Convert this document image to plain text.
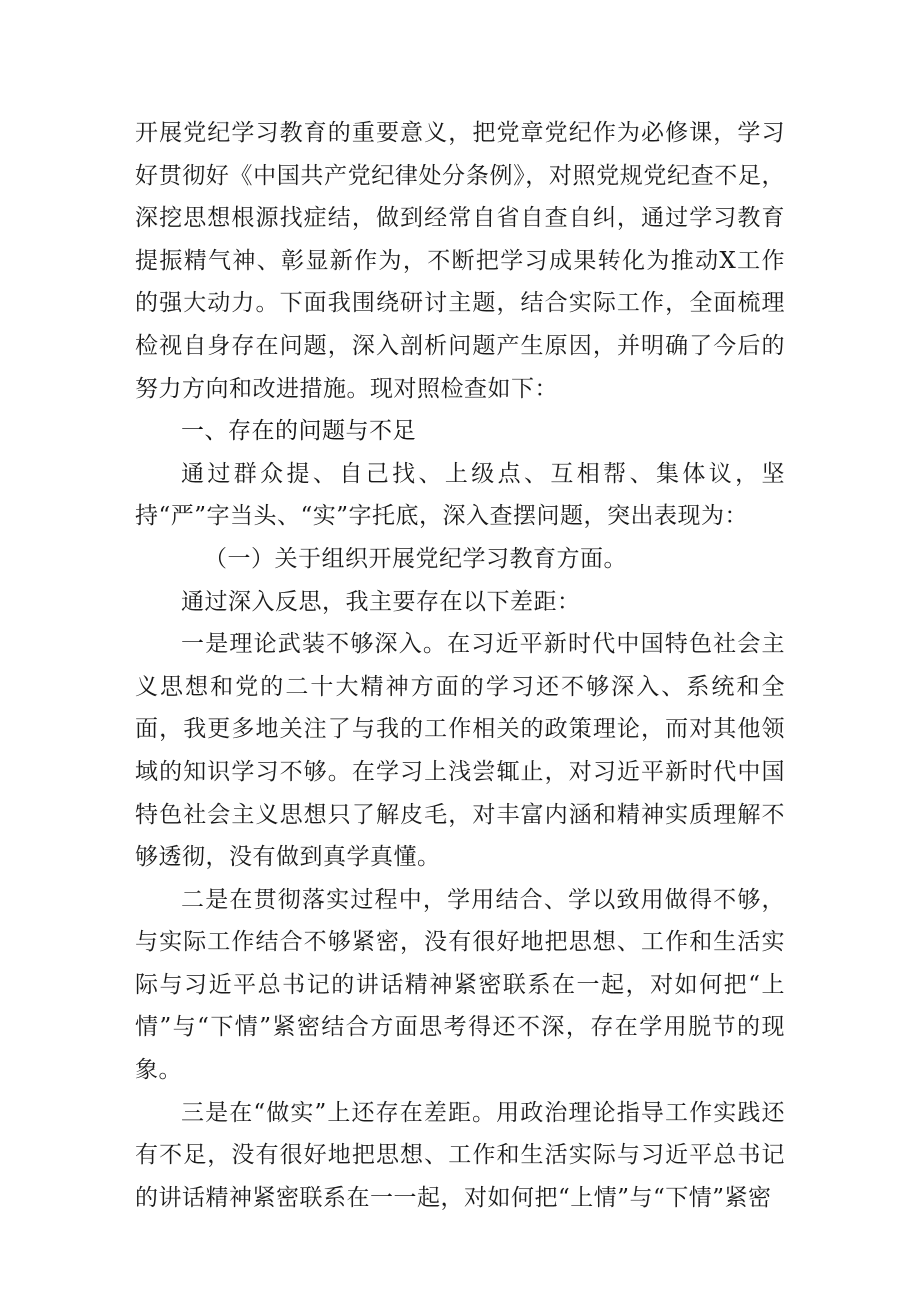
开展党纪学习教育的重要意义，把党章党纪作为必修课，学习好贯彻好《中国共产党纪律处分条例》，对照党规党纪查不足，深挖思想根源找症结，做到经常自省自查自纠，通过学习教育提振精气神、彰显新作为，不断把学习成果转化为推动X工作的强大动力。下面我围绕研讨主题，结合实际工作，全面梳理检视自身存在问题，深入剖析问题产生原因，并明确了今后的努力方向和改进措施。现对照检查如下：

一、存在的问题与不足

通过群众提、自己找、上级点、互相帮、集体议，坚持“严”字当头、“实”字托底，深入查摆问题，突出表现为：

（一）关于组织开展党纪学习教育方面。

通过深入反思，我主要存在以下差距：

一是理论武装不够深入。在习近平新时代中国特色社会主义思想和党的二十大精神方面的学习还不够深入、系统和全面，我更多地关注了与我的工作相关的政策理论，而对其他领域的知识学习不够。在学习上浅尝辄止，对习近平新时代中国特色社会主义思想只了解皮毛，对丰富内涵和精神实质理解不够透彻，没有做到真学真懂。

二是在贯彻落实过程中，学用结合、学以致用做得不够，与实际工作结合不够紧密，没有很好地把思想、工作和生活实际与习近平总书记的讲话精神紧密联系在一起，对如何把“上情”与“下情”紧密结合方面思考得还不深，存在学用脱节的现象。

三是在“做实”上还存在差距。用政治理论指导工作实践还有不足，没有很好地把思想、工作和生活实际与习近平总书记的讲话精神紧密联系在一一起，对如何把“上情”与“下情”紧密
